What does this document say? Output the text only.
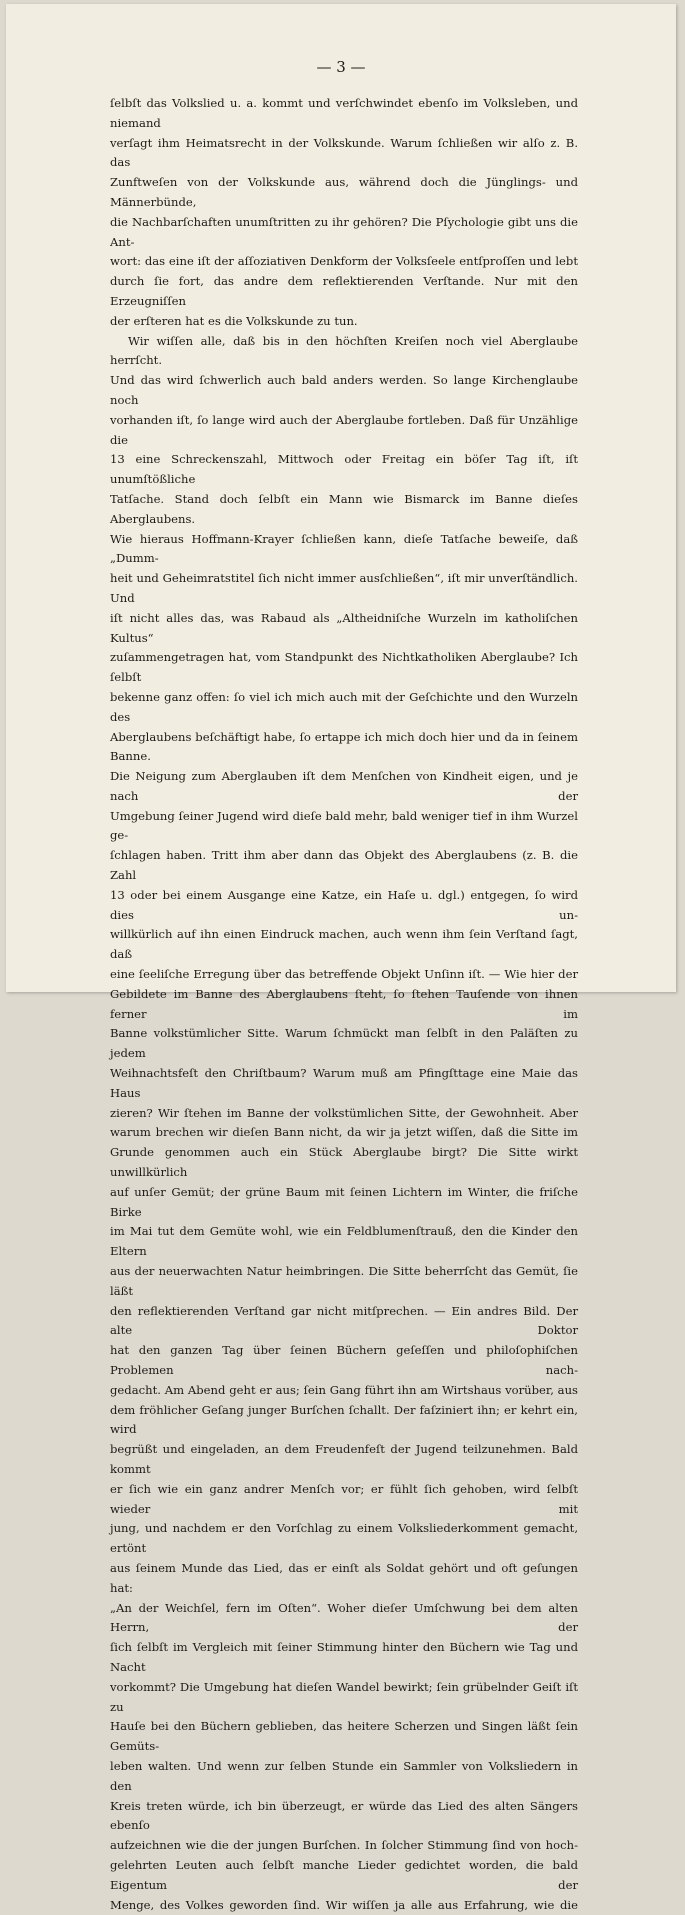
— 3 —

ſelbſt das Volkslied u. a. kommt und verſchwindet ebenſo im Volksleben, und niemand

verſagt ihm Heimatsrecht in der Volkskunde. Warum ſchließen wir alſo z. B. das

Zunftweſen von der Volkskunde aus, während doch die Jünglings- und Männerbünde,

die Nachbarſchaften unumſtritten zu ihr gehören? Die Pſychologie gibt uns die Ant-

wort: das eine iſt der aſſoziativen Denkform der Volksſeele entſproſſen und lebt

durch ſie fort, das andre dem reflektierenden Verſtande. Nur mit den Erzeugniſſen

der erſteren hat es die Volkskunde zu tun.

Wir wiſſen alle, daß bis in den höchſten Kreiſen noch viel Aberglaube herrſcht.

Und das wird ſchwerlich auch bald anders werden. So lange Kirchenglaube noch

vorhanden iſt, ſo lange wird auch der Aberglaube fortleben. Daß für Unzählige die

13 eine Schreckenszahl, Mittwoch oder Freitag ein böſer Tag iſt, iſt unumſtößliche

Tatſache. Stand doch ſelbſt ein Mann wie Bismarck im Banne dieſes Aberglaubens.

Wie hieraus Hoffmann-Krayer ſchließen kann, dieſe Tatſache beweiſe, daß „Dumm-

heit und Geheimratstitel ſich nicht immer ausſchließen“, iſt mir unverſtändlich. Und

iſt nicht alles das, was Rabaud als „Altheidniſche Wurzeln im katholiſchen Kultus“

zuſammengetragen hat, vom Standpunkt des Nichtkatholiken Aberglaube? Ich ſelbſt

bekenne ganz offen: ſo viel ich mich auch mit der Geſchichte und den Wurzeln des

Aberglaubens beſchäftigt habe, ſo ertappe ich mich doch hier und da in ſeinem Banne.

Die Neigung zum Aberglauben iſt dem Menſchen von Kindheit eigen, und je nach der

Umgebung ſeiner Jugend wird dieſe bald mehr, bald weniger tief in ihm Wurzel ge-

ſchlagen haben. Tritt ihm aber dann das Objekt des Aberglaubens (z. B. die Zahl

13 oder bei einem Ausgange eine Katze, ein Haſe u. dgl.) entgegen, ſo wird dies un-

willkürlich auf ihn einen Eindruck machen, auch wenn ihm ſein Verſtand ſagt, daß

eine ſeeliſche Erregung über das betreffende Objekt Unſinn iſt. — Wie hier der

Gebildete im Banne des Aberglaubens ſteht, ſo ſtehen Tauſende von ihnen ferner im

Banne volkstümlicher Sitte. Warum ſchmückt man ſelbſt in den Paläſten zu jedem

Weihnachtsfeſt den Chriſtbaum? Warum muß am Pfingſttage eine Maie das Haus

zieren? Wir ſtehen im Banne der volkstümlichen Sitte, der Gewohnheit. Aber

warum brechen wir dieſen Bann nicht, da wir ja jetzt wiſſen, daß die Sitte im

Grunde genommen auch ein Stück Aberglaube birgt? Die Sitte wirkt unwillkürlich

auf unſer Gemüt; der grüne Baum mit ſeinen Lichtern im Winter, die friſche Birke

im Mai tut dem Gemüte wohl, wie ein Feldblumenſtrauß, den die Kinder den Eltern

aus der neuerwachten Natur heimbringen. Die Sitte beherrſcht das Gemüt, ſie läßt

den reflektierenden Verſtand gar nicht mitſprechen. — Ein andres Bild. Der alte Doktor

hat den ganzen Tag über ſeinen Büchern geſeſſen und philoſophiſchen Problemen nach-

gedacht. Am Abend geht er aus; ſein Gang führt ihn am Wirtshaus vorüber, aus

dem fröhlicher Geſang junger Burſchen ſchallt. Der faſziniert ihn; er kehrt ein, wird

begrüßt und eingeladen, an dem Freudenfeſt der Jugend teilzunehmen. Bald kommt

er ſich wie ein ganz andrer Menſch vor; er fühlt ſich gehoben, wird ſelbſt wieder mit

jung, und nachdem er den Vorſchlag zu einem Volksliederkomment gemacht, ertönt

aus ſeinem Munde das Lied, das er einſt als Soldat gehört und oft geſungen hat:

„An der Weichſel, fern im Oſten“. Woher dieſer Umſchwung bei dem alten Herrn, der

ſich ſelbſt im Vergleich mit ſeiner Stimmung hinter den Büchern wie Tag und Nacht

vorkommt? Die Umgebung hat dieſen Wandel bewirkt; ſein grübelnder Geiſt iſt zu

Hauſe bei den Büchern geblieben, das heitere Scherzen und Singen läßt ſein Gemüts-

leben walten. Und wenn zur ſelben Stunde ein Sammler von Volksliedern in den

Kreis treten würde, ich bin überzeugt, er würde das Lied des alten Sängers ebenſo

aufzeichnen wie die der jungen Burſchen. In ſolcher Stimmung ſind von hoch-

gelehrten Leuten auch ſelbſt manche Lieder gedichtet worden, die bald Eigentum der

Menge, des Volkes geworden ſind. Wir wiſſen ja alle aus Erfahrung, wie die
